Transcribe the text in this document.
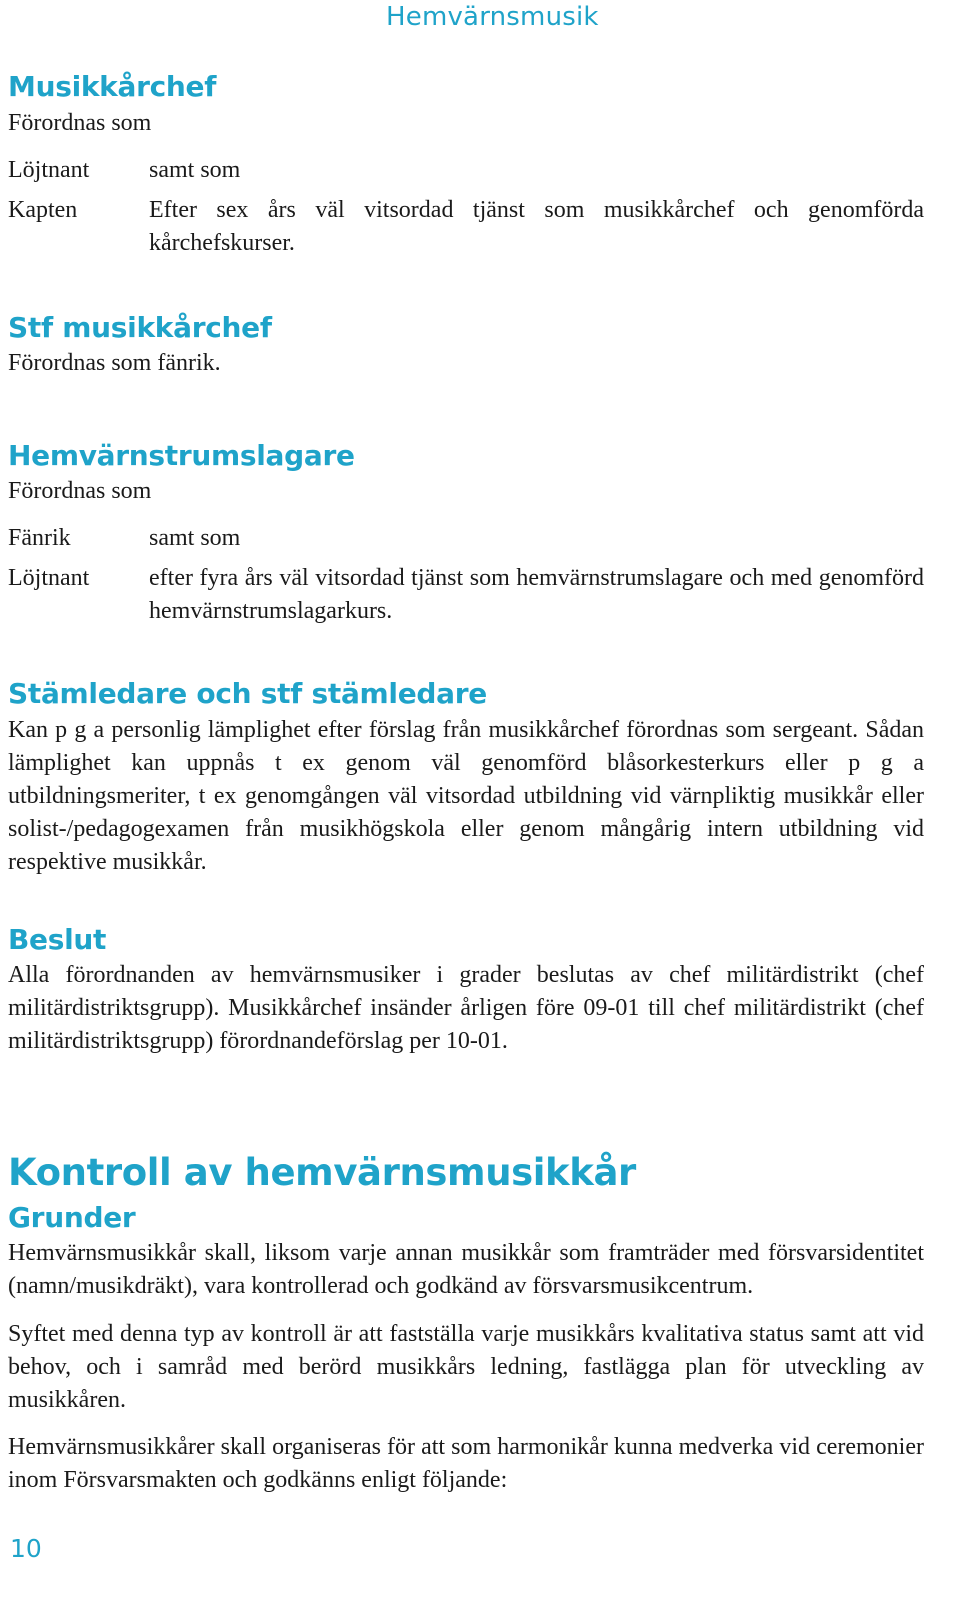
Hemvärnsmusik
Musikkårchef
Förordnas som
Löjtnant	samt som
Kapten	Efter sex års väl vitsordad tjänst som musikkårchef och genomförda kårchefskurser.
Stf musikkårchef
Förordnas som fänrik.
Hemvärnstrumslagare
Förordnas som
Fänrik	samt som
Löjtnant	efter fyra års väl vitsordad tjänst som hemvärnstrumslagare och med genomförd hemvärnstrumslagarkurs.
Stämledare och stf stämledare
Kan p g a personlig lämplighet efter förslag från musikkårchef förordnas som sergeant. Sådan lämplighet kan uppnås t ex genom väl genomförd blåsorkesterkurs eller p g a utbildningsmeriter, t ex genomgången väl vitsordad utbildning vid värnpliktig musikkår eller solist-/pedagogexamen från musikhögskola eller genom mångårig intern utbildning vid respektive musikkår.
Beslut
Alla förordnanden av hemvärnsmusiker i grader beslutas av chef militärdistrikt (chef militärdistriktsgrupp). Musikkårchef insänder årligen före 09-01 till chef militärdistrikt (chef militärdistriktsgrupp) förordnandeförslag per 10-01.
Kontroll av hemvärnsmusikkår
Grunder
Hemvärnsmusikkår skall, liksom varje annan musikkår som framträder med försvarsidentitet (namn/musikdräkt), vara kontrollerad och godkänd av försvarsmusikcentrum.
Syftet med denna typ av kontroll är att fastställa varje musikkårs kvalitativa status samt att vid behov, och i samråd med berörd musikkårs ledning, fastlägga plan för utveckling av musikkåren.
Hemvärnsmusikkårer skall organiseras för att som harmonikår kunna medverka vid ceremonier inom Försvarsmakten och godkänns enligt följande:
10
